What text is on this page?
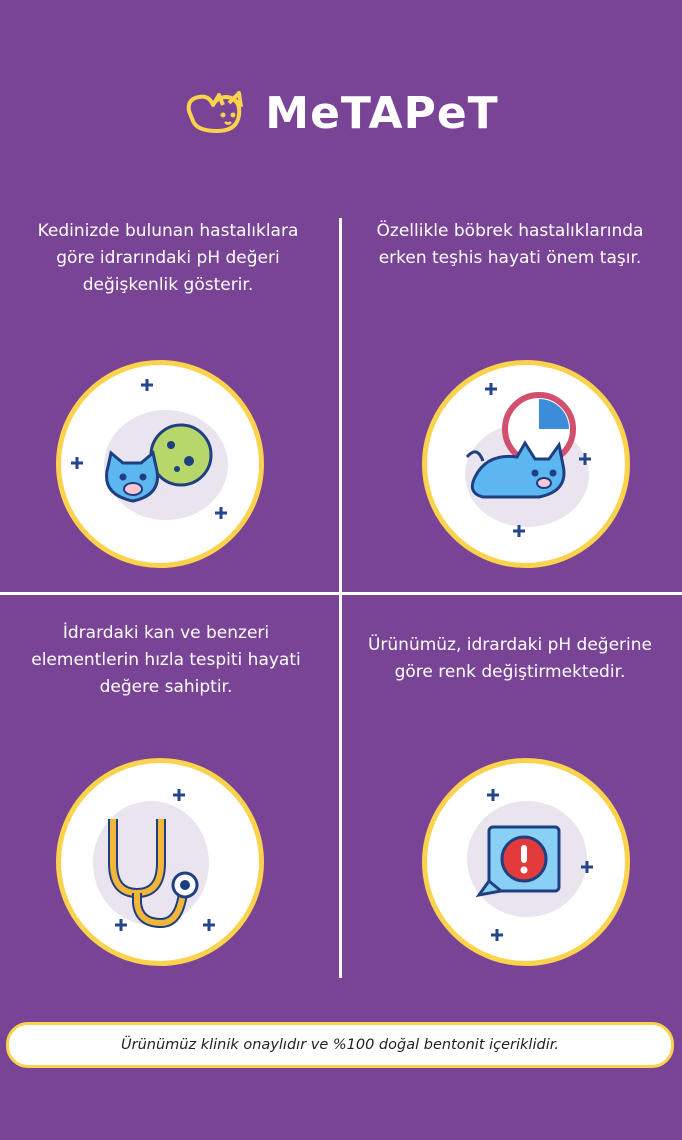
MeTAPeT
Kedinizde bulunan hastalıklara göre idrarındaki pH değeri değişkenlik gösterir.
Özellikle böbrek hastalıklarında erken teşhis hayati önem taşır.
İdrardaki kan ve benzeri elementlerin hızla tespiti hayati değere sahiptir.
Ürünümüz, idrardaki pH değerine göre renk değiştirmektedir.
Ürünümüz klinik onaylıdır ve %100 doğal bentonit içeriklidir.
